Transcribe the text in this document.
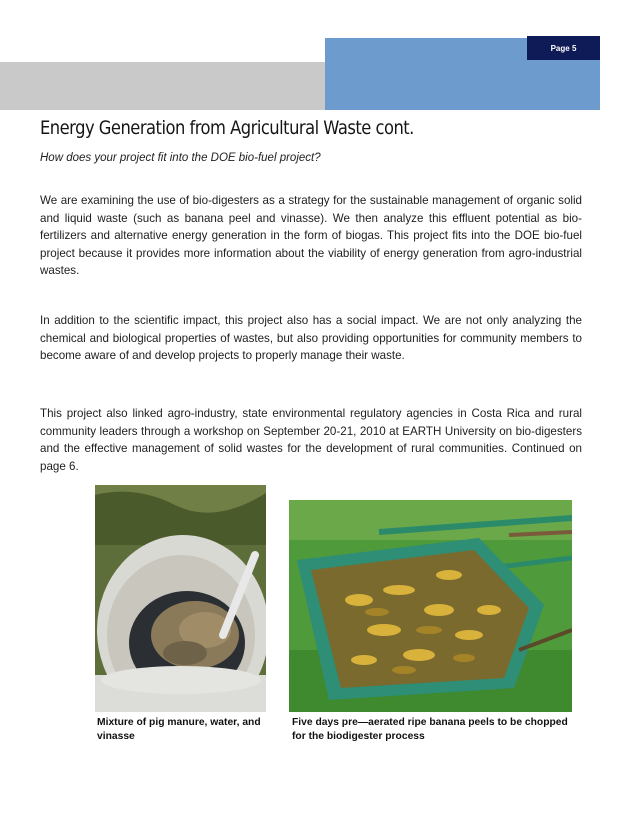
Page 5
Energy Generation from Agricultural Waste cont.
How does your project fit into the DOE bio-fuel project?
We are examining the use of bio-digesters as a strategy for the sustainable management of organic solid and liquid waste (such as banana peel and vinasse). We then analyze this effluent potential as bio-fertilizers and alternative energy generation in the form of biogas. This project fits into the DOE bio-fuel project because it provides more information about the viability of energy generation from agro-industrial wastes.
In addition to the scientific impact, this project also has a social impact. We are not only analyzing the chemical and biological properties of wastes, but also providing opportunities for community members to become aware of and develop projects to properly manage their waste.
This project also linked agro-industry, state environmental regulatory agencies in Costa Rica and rural community leaders through a workshop on September 20-21, 2010 at EARTH University on bio-digesters and the effective management of solid wastes for the development of rural communities. Continued on page 6.
Mixture of pig manure, water, and vinasse
Five days pre—aerated ripe banana peels to be chopped for the biodigester process
